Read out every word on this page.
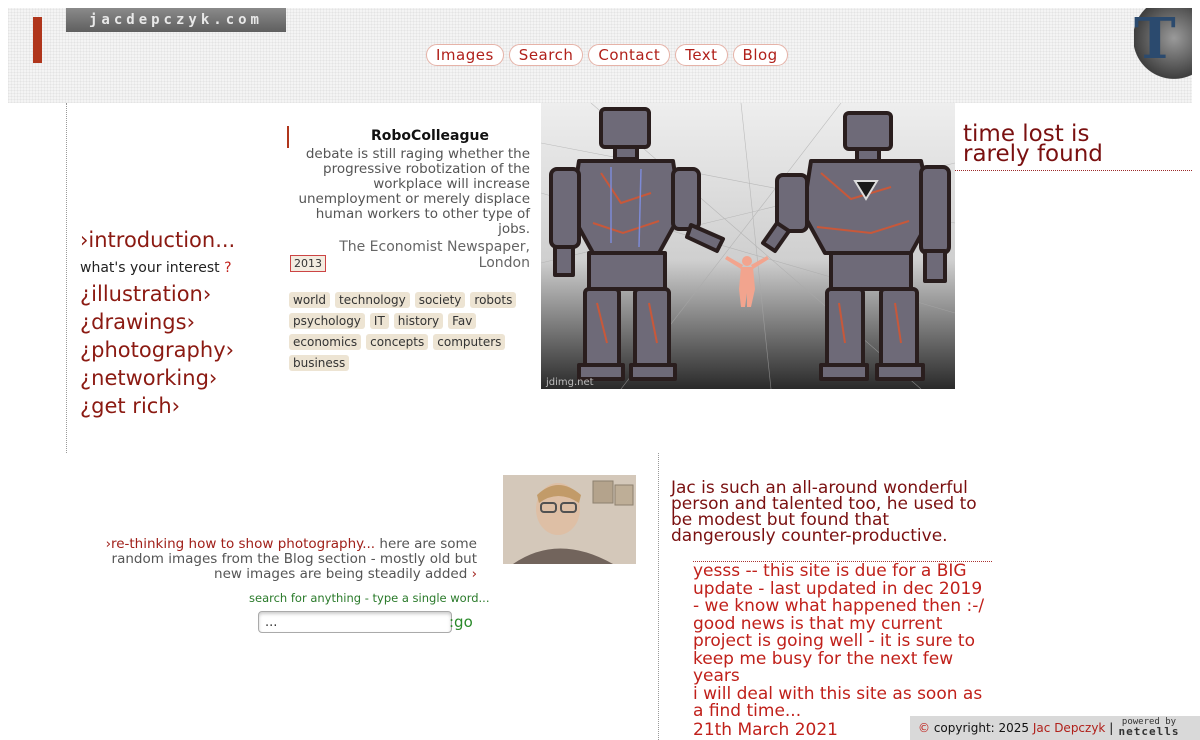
jacdepczyk.com
Images	Search	Contact	Text	Blog	T
›introduction...
what's your interest ?
¿illustration›
¿drawings›
¿photography›
¿networking›
¿get rich›
RoboColleague
debate is still raging whether the progressive robotization of the workplace will increase unemployment or merely displace human workers to other type of jobs.
The Economist Newspaper, London
2013
world	technology	society	robots
psychology	IT	history	Fav
economics	concepts	computers
business
jdimg.net
time lost is
rarely found
›re-thinking how to show photography... here are some random images from the Blog section - mostly old but new images are being steadily added ›
search for anything - type a single word...
...
:go
Jac is such an all-around wonderful person and talented too, he used to be modest but found that dangerously counter-productive.
yesss -- this site is due for a BIG update - last updated in dec 2019 - we know what happened then :-/
good news is that my current project is going well - it is sure to keep me busy for the next few years
i will deal with this site as soon as a find time...
21th March 2021	© copyright: 2025 Jac Depczyk | powered by
netcells
